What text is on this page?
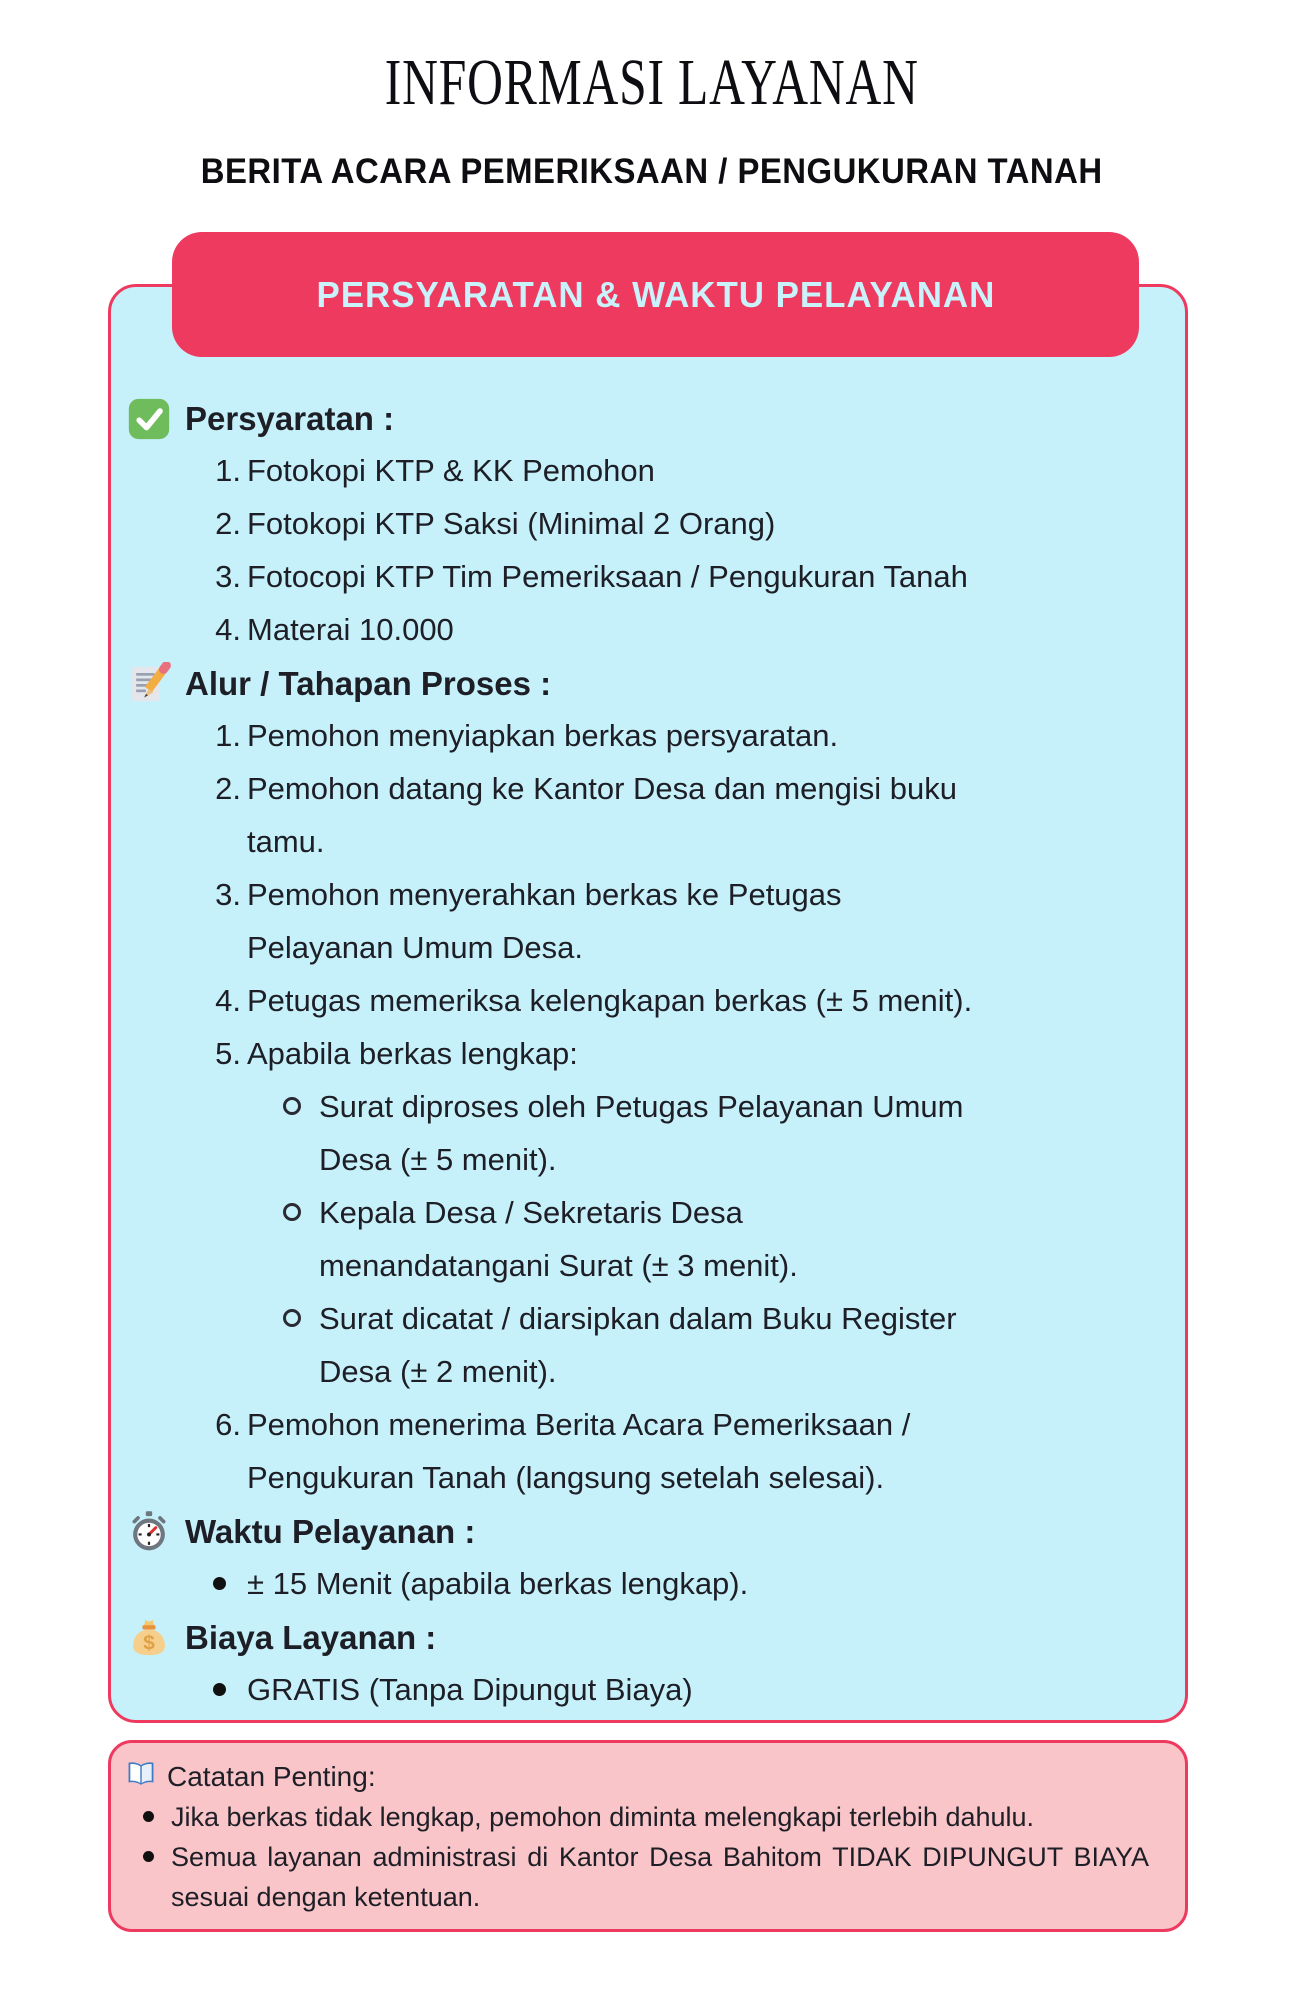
INFORMASI LAYANAN
BERITA ACARA PEMERIKSAAN / PENGUKURAN TANAH
PERSYARATAN & WAKTU PELAYANAN
Persyaratan :
Fotokopi KTP & KK Pemohon
Fotokopi KTP Saksi (Minimal 2 Orang)
Fotocopi KTP Tim Pemeriksaan / Pengukuran Tanah
Materai 10.000
Alur / Tahapan Proses :
Pemohon menyiapkan berkas persyaratan.
Pemohon datang ke Kantor Desa dan mengisi buku tamu.
Pemohon menyerahkan berkas ke Petugas Pelayanan Umum Desa.
Petugas memeriksa kelengkapan berkas (± 5 menit).
Apabila berkas lengkap:
Surat diproses oleh Petugas Pelayanan Umum Desa (± 5 menit).
Kepala Desa / Sekretaris Desa menandatangani Surat (± 3 menit).
Surat dicatat / diarsipkan dalam Buku Register Desa (± 2 menit).
Pemohon menerima Berita Acara Pemeriksaan / Pengukuran Tanah (langsung setelah selesai).
Waktu Pelayanan :
± 15 Menit (apabila berkas lengkap).
$ Biaya Layanan :
GRATIS (Tanpa Dipungut Biaya)
Catatan Penting:
Jika berkas tidak lengkap, pemohon diminta melengkapi terlebih dahulu.
Semua layanan administrasi di Kantor Desa Bahitom TIDAK DIPUNGUT BIAYA sesuai dengan ketentuan.
